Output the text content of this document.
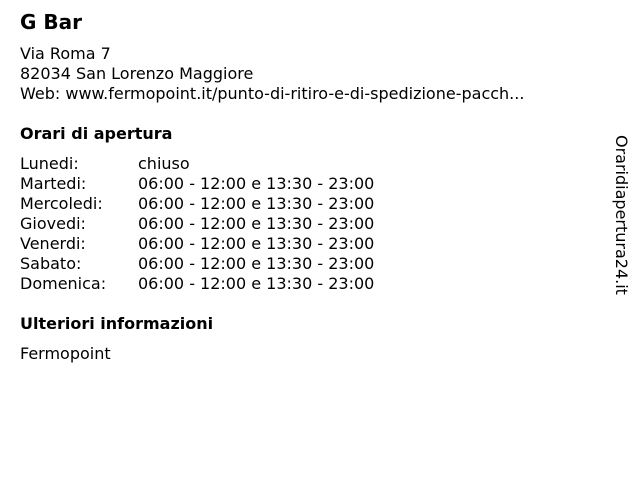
G Bar
Via Roma 7
82034 San Lorenzo Maggiore
Web: www.fermopoint.it/punto-di-ritiro-e-di-spedizione-pacch...
Orari di apertura
Lunedi:	chiuso
Martedi:	06:00 - 12:00 e 13:30 - 23:00
Mercoledi: 06:00 - 12:00 e 13:30 - 23:00
Giovedi:	06:00 - 12:00 e 13:30 - 23:00
Venerdi:	06:00 - 12:00 e 13:30 - 23:00
Sabato:	06:00 - 12:00 e 13:30 - 23:00
Domenica: 06:00 - 12:00 e 13:30 - 23:00
Ulteriori informazioni
Fermopoint
Oraridiapertura24.it
